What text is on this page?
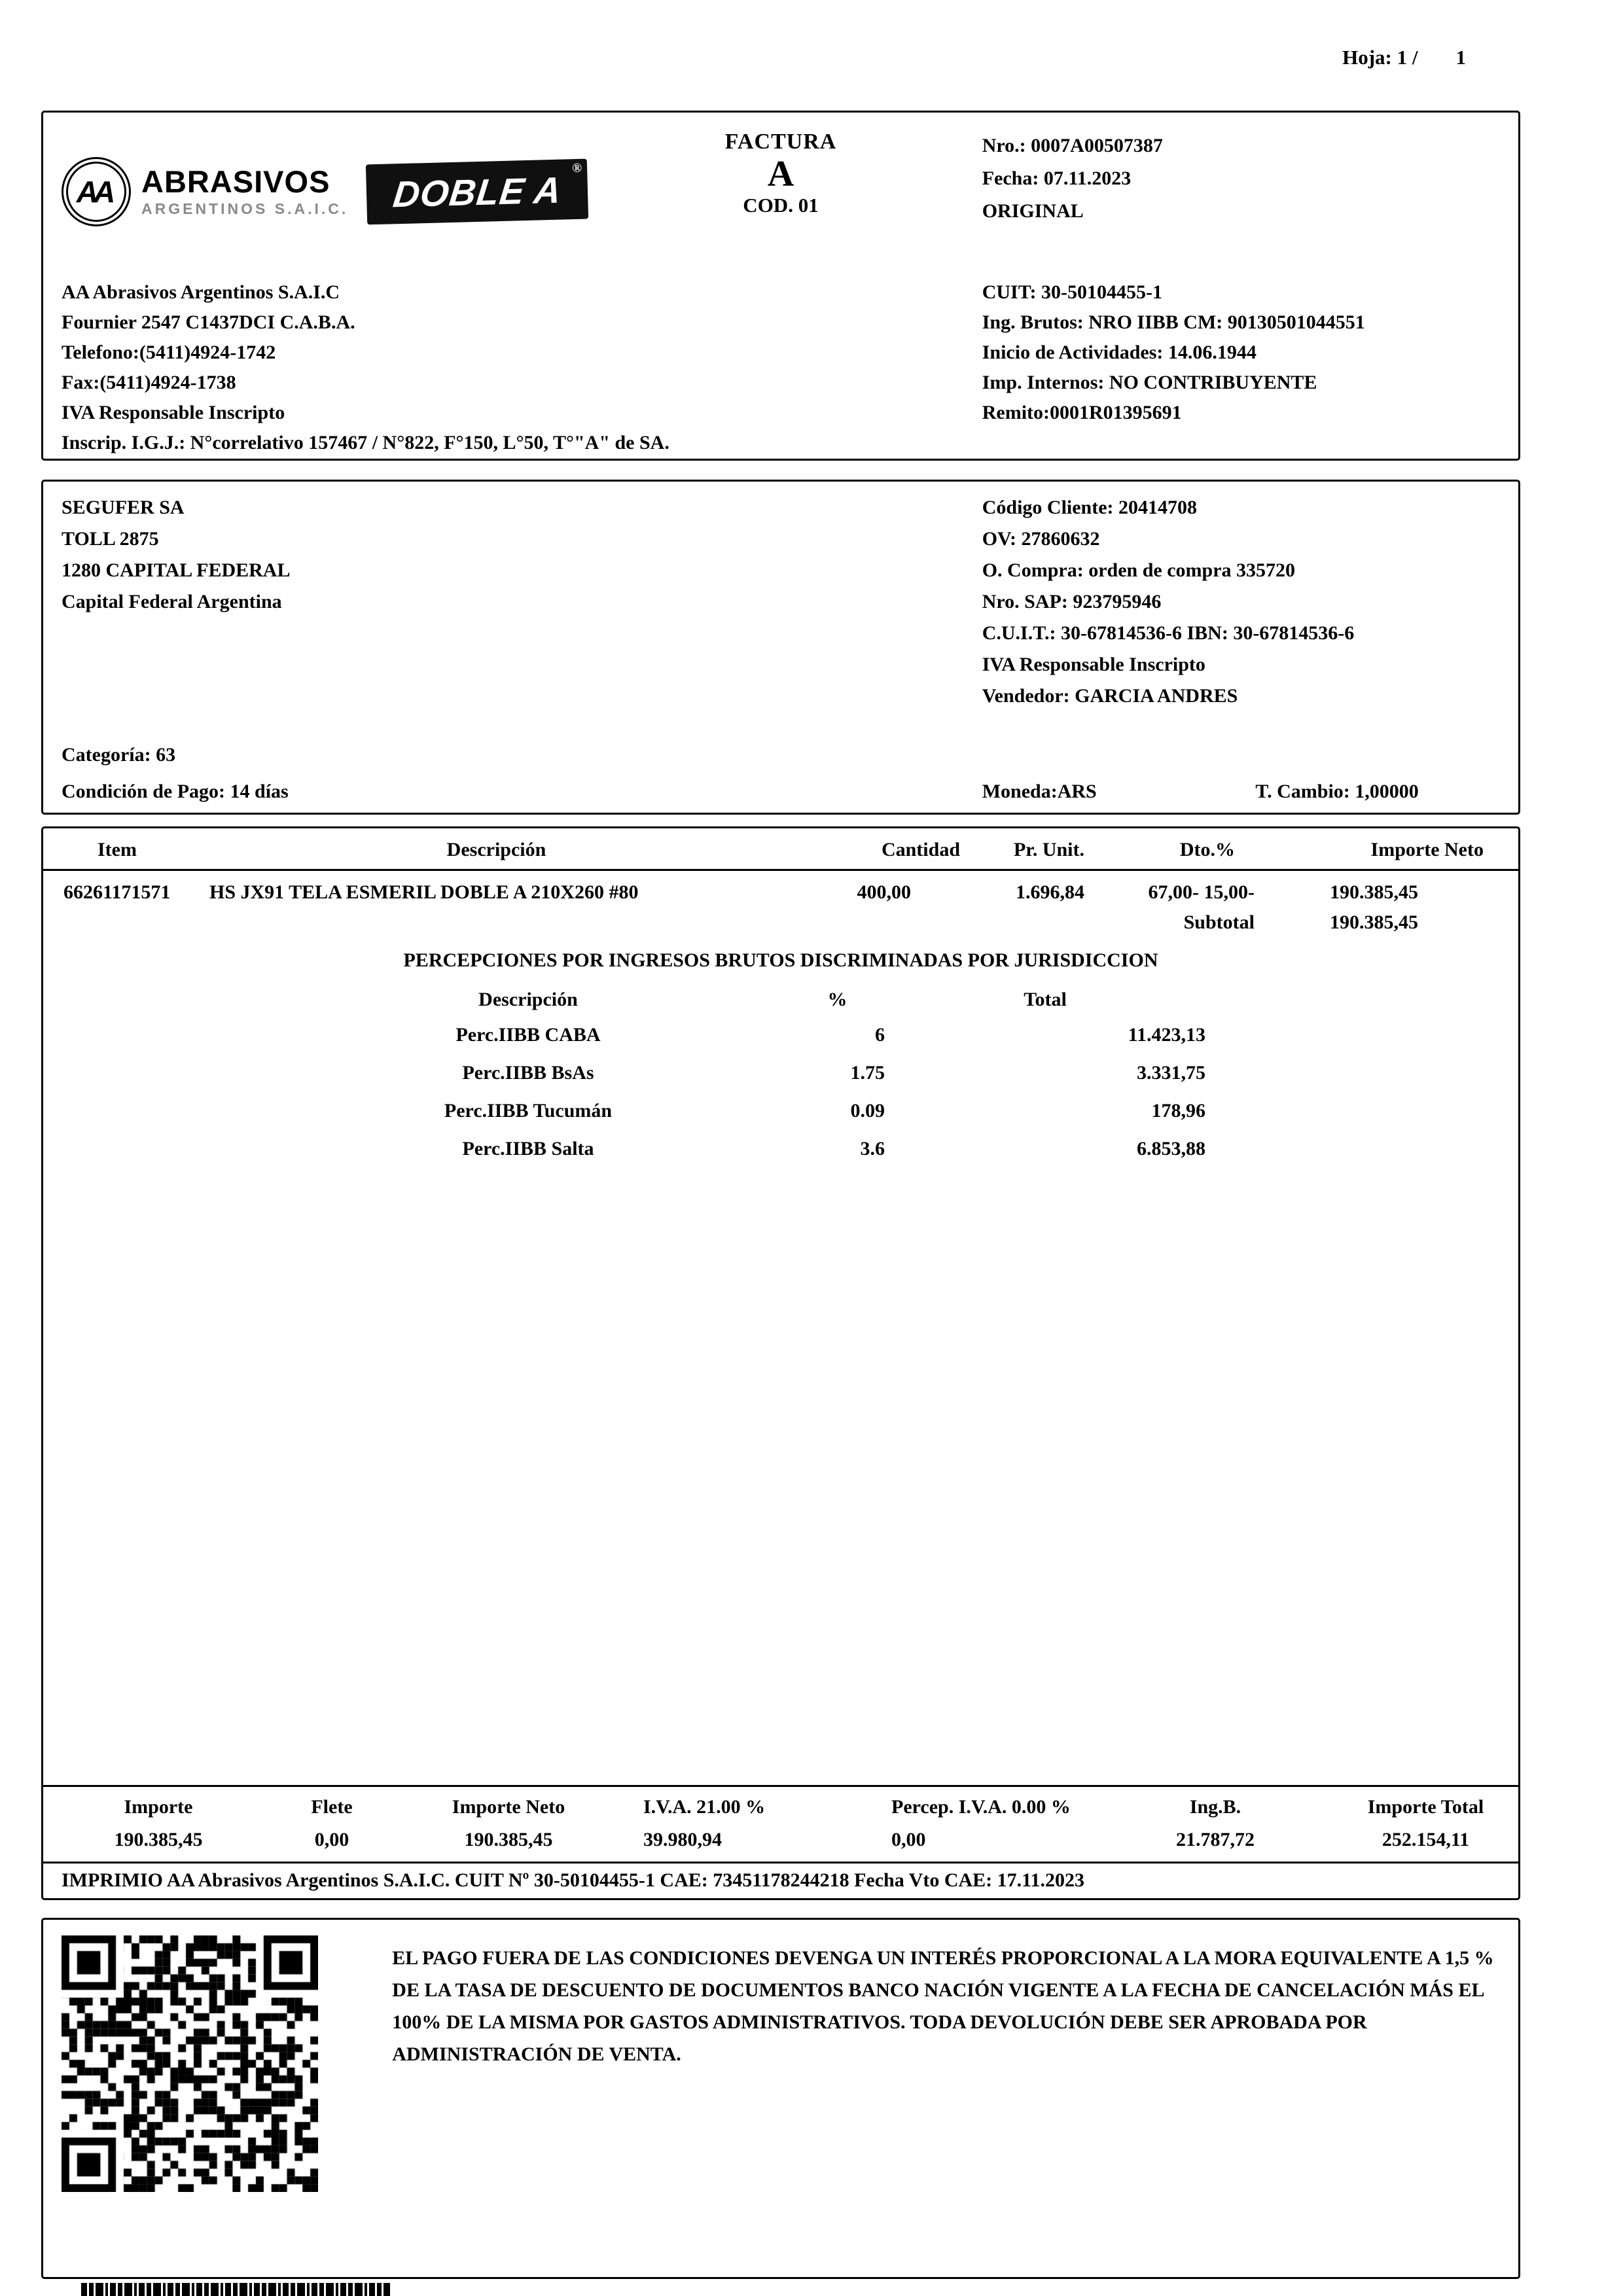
Hoja: 1 / 1
AA ABRASIVOS
ARGENTINOS S.A.I.C. DOBLE A
®
FACTURA
A
COD. 01
Nro.: 0007A00507387
Fecha: 07.11.2023
ORIGINAL
AA Abrasivos Argentinos S.A.I.C
Fournier 2547 C1437DCI C.A.B.A.
Telefono:(5411)4924-1742
Fax:(5411)4924-1738
IVA Responsable Inscripto
Inscrip. I.G.J.: N°correlativo 157467 / N°822, F°150, L°50, T°"A" de SA.
CUIT: 30-50104455-1
Ing. Brutos: NRO IIBB CM: 90130501044551
Inicio de Actividades: 14.06.1944
Imp. Internos: NO CONTRIBUYENTE
Remito:0001R01395691
SEGUFER SA
TOLL 2875
1280 CAPITAL FEDERAL
Capital Federal Argentina
Código Cliente: 20414708
OV: 27860632
O. Compra: orden de compra 335720
Nro. SAP: 923795946
C.U.I.T.: 30-67814536-6 IBN: 30-67814536-6
IVA Responsable Inscripto
Vendedor: GARCIA ANDRES
Categoría: 63
Condición de Pago: 14 días	Moneda:ARS	T. Cambio: 1,00000
Item	Descripción	Cantidad	Pr. Unit.	Dto.%	Importe Neto
66261171571	HS JX91 TELA ESMERIL DOBLE A 210X260 #80	400,00	1.696,84	67,00- 15,00-	190.385,45
Subtotal	190.385,45
PERCEPCIONES POR INGRESOS BRUTOS DISCRIMINADAS POR JURISDICCION
Descripción	%	Total
Perc.IIBB CABA	6	11.423,13
Perc.IIBB BsAs	1.75	3.331,75
Perc.IIBB Tucumán	0.09	178,96
Perc.IIBB Salta	3.6	6.853,88
Importe	Flete	Importe Neto	I.V.A. 21.00 %	Percep. I.V.A. 0.00 %	Ing.B.	Importe Total
190.385,45	0,00	190.385,45	39.980,94	0,00	21.787,72	252.154,11
IMPRIMIO AA Abrasivos Argentinos S.A.I.C. CUIT Nº 30-50104455-1 CAE: 73451178244218 Fecha Vto CAE: 17.11.2023
EL PAGO FUERA DE LAS CONDICIONES DEVENGA UN INTERÉS PROPORCIONAL A LA MORA EQUIVALENTE A 1,5 % DE LA TASA DE DESCUENTO DE DOCUMENTOS BANCO NACIÓN VIGENTE A LA FECHA DE CANCELACIÓN MÁS EL 100% DE LA MISMA POR GASTOS ADMINISTRATIVOS. TODA DEVOLUCIÓN DEBE SER APROBADA POR ADMINISTRACIÓN DE VENTA.
